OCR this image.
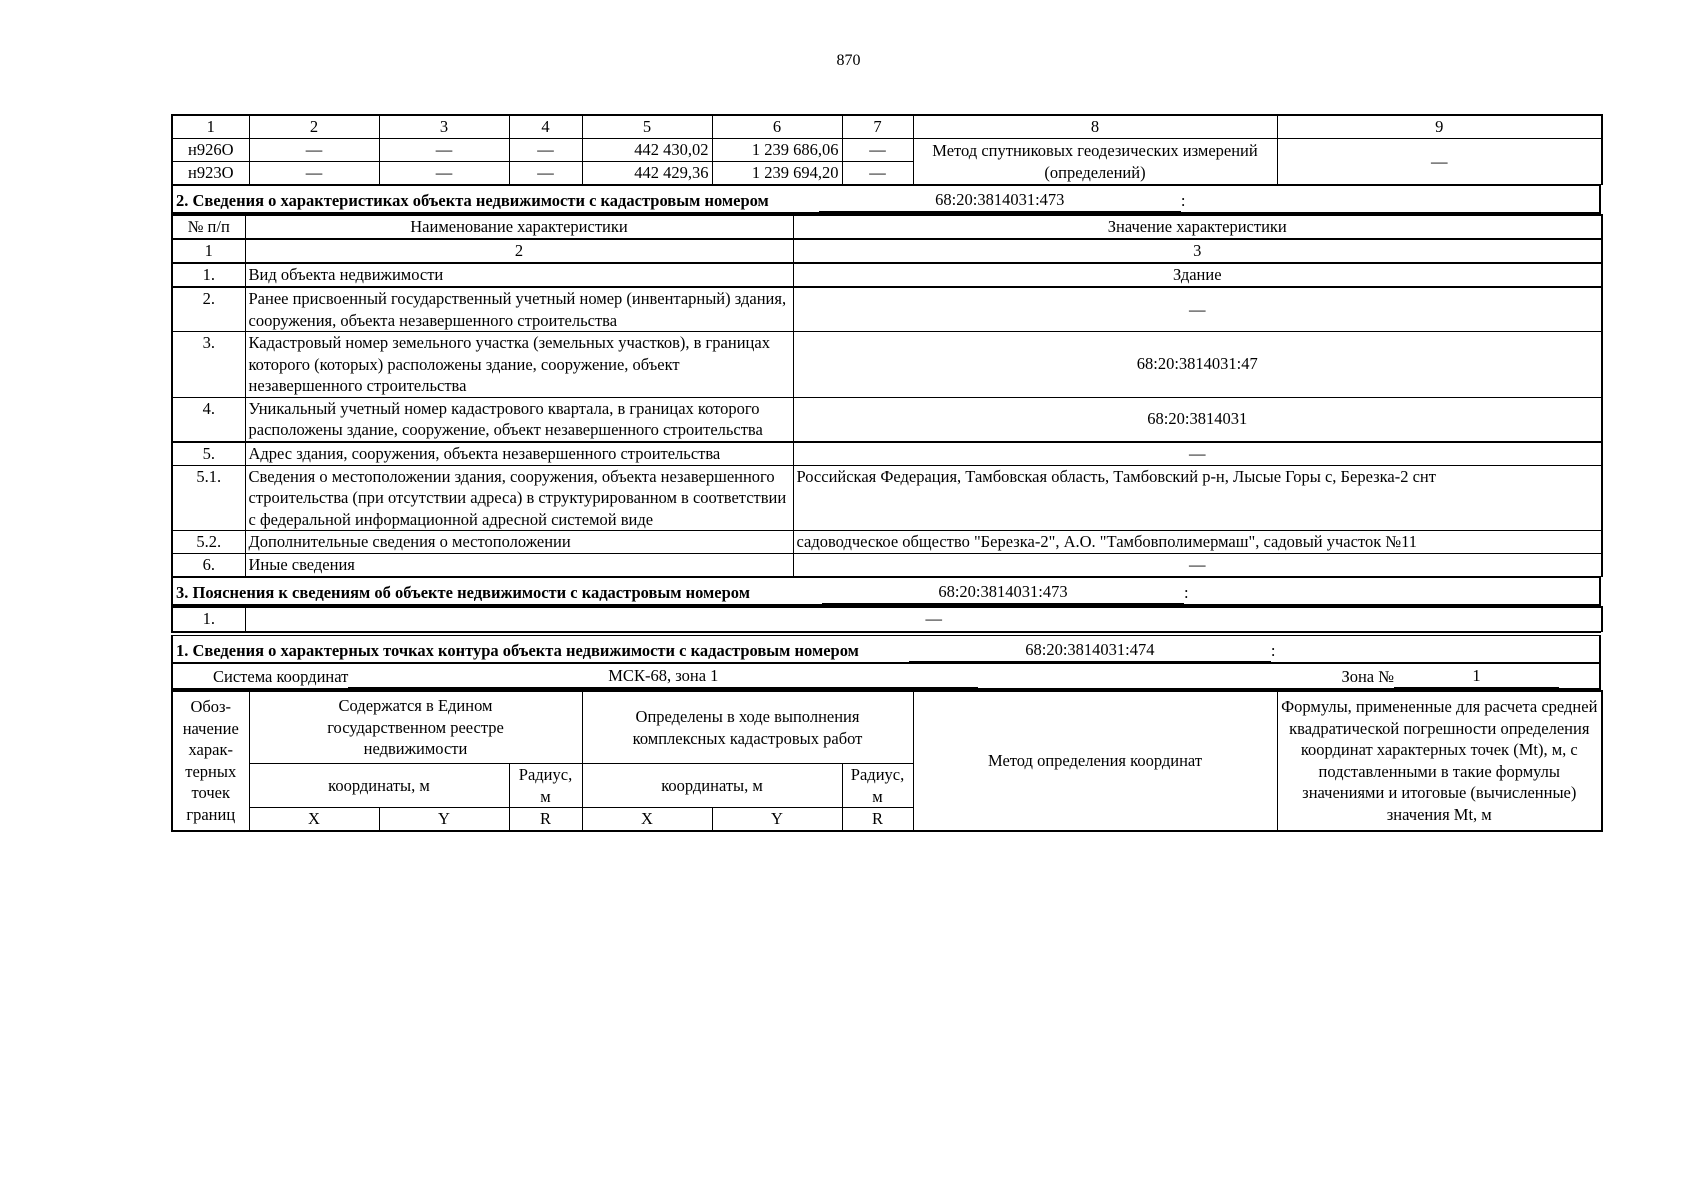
870
1	2	3	4	5	6	7	8	9
н926О	—	—	—	442 430,02	1 239 686,06	—	Метод спутниковых геодезических измерений (определений)	—
н923О	—	—	—	442 429,36	1 239 694,20	—		
2. Сведения о характеристиках объекта недвижимости с кадастровым номером	68:20:3814031:473	:
№ п/п	Наименование характеристики	Значение характеристики
1	2	3
1.	Вид объекта недвижимости	Здание
2.	Ранее присвоенный государственный учетный номер (инвентарный) здания, сооружения, объекта незавершенного строительства	—
3.	Кадастровый номер земельного участка (земельных участков), в границах которого (которых) расположены здание, сооружение, объект незавершенного строительства	68:20:3814031:47
4.	Уникальный учетный номер кадастрового квартала, в границах которого расположены здание, сооружение, объект незавершенного строительства	68:20:3814031
5.	Адрес здания, сооружения, объекта незавершенного строительства	—
5.1.	Сведения о местоположении здания, сооружения, объекта незавершенного строительства (при отсутствии адреса) в структурированном в соответствии с федеральной информационной адресной системой виде	Российская Федерация, Тамбовская область, Тамбовский р-н, Лысые Горы с, Березка-2 снт
5.2.	Дополнительные сведения о местоположении	садоводческое общество "Березка-2", А.О. "Тамбовполимермаш", садовый участок №11
6.	Иные сведения	—
3. Пояснения к сведениям об объекте недвижимости с кадастровым номером	68:20:3814031:473	:
1.	—
1. Сведения о характерных точках контура объекта недвижимости с кадастровым номером	68:20:3814031:474	:

Система координат	МСК-68, зона 1	Зона №	1
Обоз-начение харак-терных точек границ	Содержатся в Едином государственном реестре недвижимости			Определены в ходе выполнения комплексных кадастровых работ			Метод определения координат	Формулы, примененные для расчета средней квадратической погрешности определения координат характерных точек (Mt), м, с подставленными в такие формулы значениями и итоговые (вычисленные) значения Mt, м
	координаты, м		Радиус, м	координаты, м		Радиус, м		
	X	Y	R	X	Y	R		
